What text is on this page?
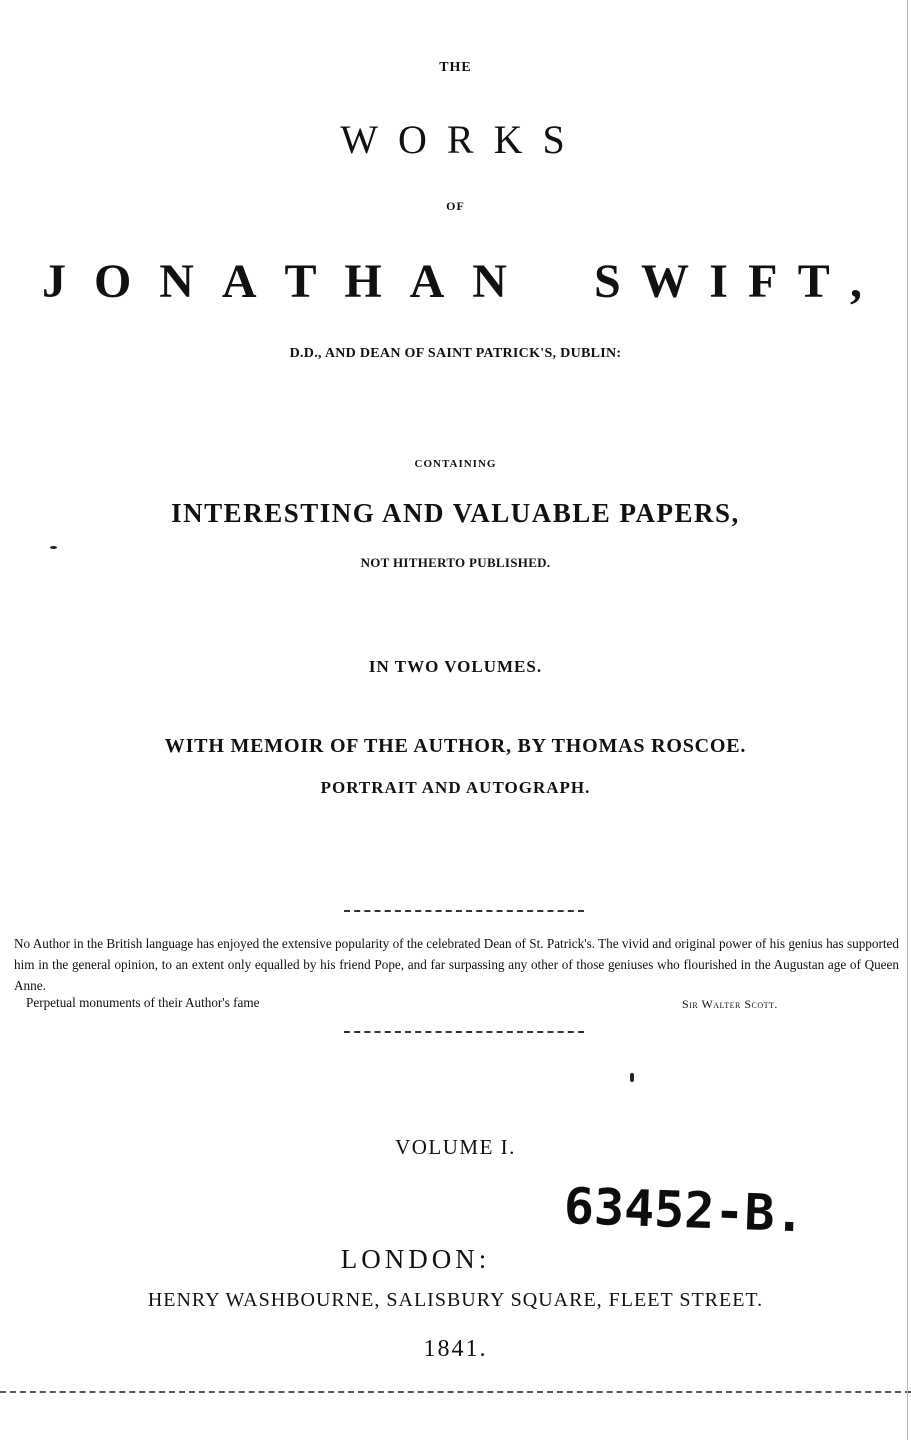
THE
WORKS
OF
J O N A T H A N S W I F T ,
D.D., AND DEAN OF SAINT PATRICK'S, DUBLIN:
CONTAINING
INTERESTING AND VALUABLE PAPERS,
NOT HITHERTO PUBLISHED.
IN TWO VOLUMES.
WITH MEMOIR OF THE AUTHOR, BY THOMAS ROSCOE.
PORTRAIT AND AUTOGRAPH.
No Author in the British language has enjoyed the extensive popularity of the celebrated Dean of St. Patrick's. The vivid and original power of his genius has supported him in the general opinion, to an extent only equalled by his friend Pope, and far surpassing any other of those geniuses who flourished in the Augustan age of Queen Anne.
Perpetual monuments of their Author's fame	Sir Walter Scott.
VOLUME I.
63452-B.
LONDON:
HENRY WASHBOURNE, SALISBURY SQUARE, FLEET STREET.
1841.
